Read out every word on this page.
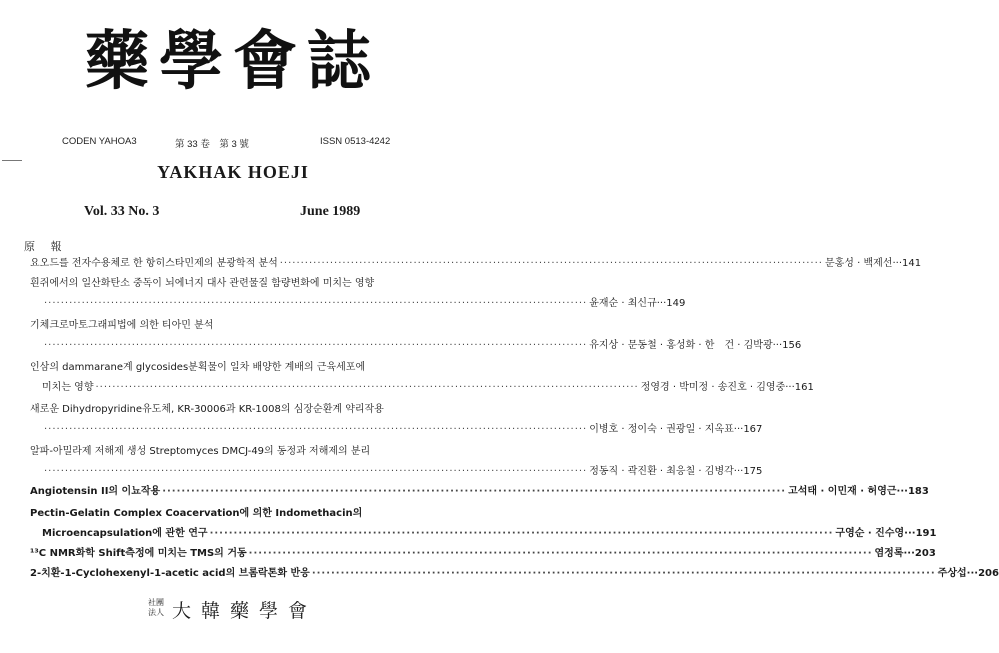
藥學會誌
CODEN YAHOA3	第 33 卷　第 3 號	ISSN 0513-4242
YAKHAK HOEJI
Vol. 33 No. 3	June 1989
原 報
요오드를 전자수용체로 한 항히스타민제의 분광학적 분석 ·····	문홍성 · 백제선 ··· 141
흰쥐에서의 일산화탄소 중독이 뇌에너지 대사 관련물질 함량변화에 미치는 영향
·····
윤재순 · 최신규 ··· 149
기체크로마토그래피법에 의한 티아민 분석
·····
유지상 · 문동철 · 홍성화 · 한　건 · 김박광 ··· 156
인삼의 dammarane계 glycosides분획물이 일차 배양한 계배의 근육세포에
미치는 영향 ·····	정영경 · 박미정 · 송진호 · 김영중 ··· 161
새로운 Dihydropyridine유도체, KR-30006과 KR-1008의 심장순환계 약리작용
·····
이병호 · 정이숙 · 권광일 · 지옥표 ··· 167
알파-아밀라제 저해제 생성 Streptomyces DMCJ-49의 동정과 저해제의 분리
·····
정동직 · 곽진환 · 최응칠 · 김병각 ··· 175
Angiotensin II의 이뇨작용 ·····	고석태 · 이민재 · 허영근 ··· 183
Pectin-Gelatin Complex Coacervation에 의한 Indomethacin의
Microencapsulation에 관한 연구 ·····	구영순 · 진수영 ··· 191
¹³C NMR화학 Shift측정에 미치는 TMS의 거동 ·····	염정록 ··· 203
2-치환-1-Cyclohexenyl-1-acetic acid의 브롬락톤화 반응 ·····	주상섭 ··· 206
社團
法人 大韓藥學會
